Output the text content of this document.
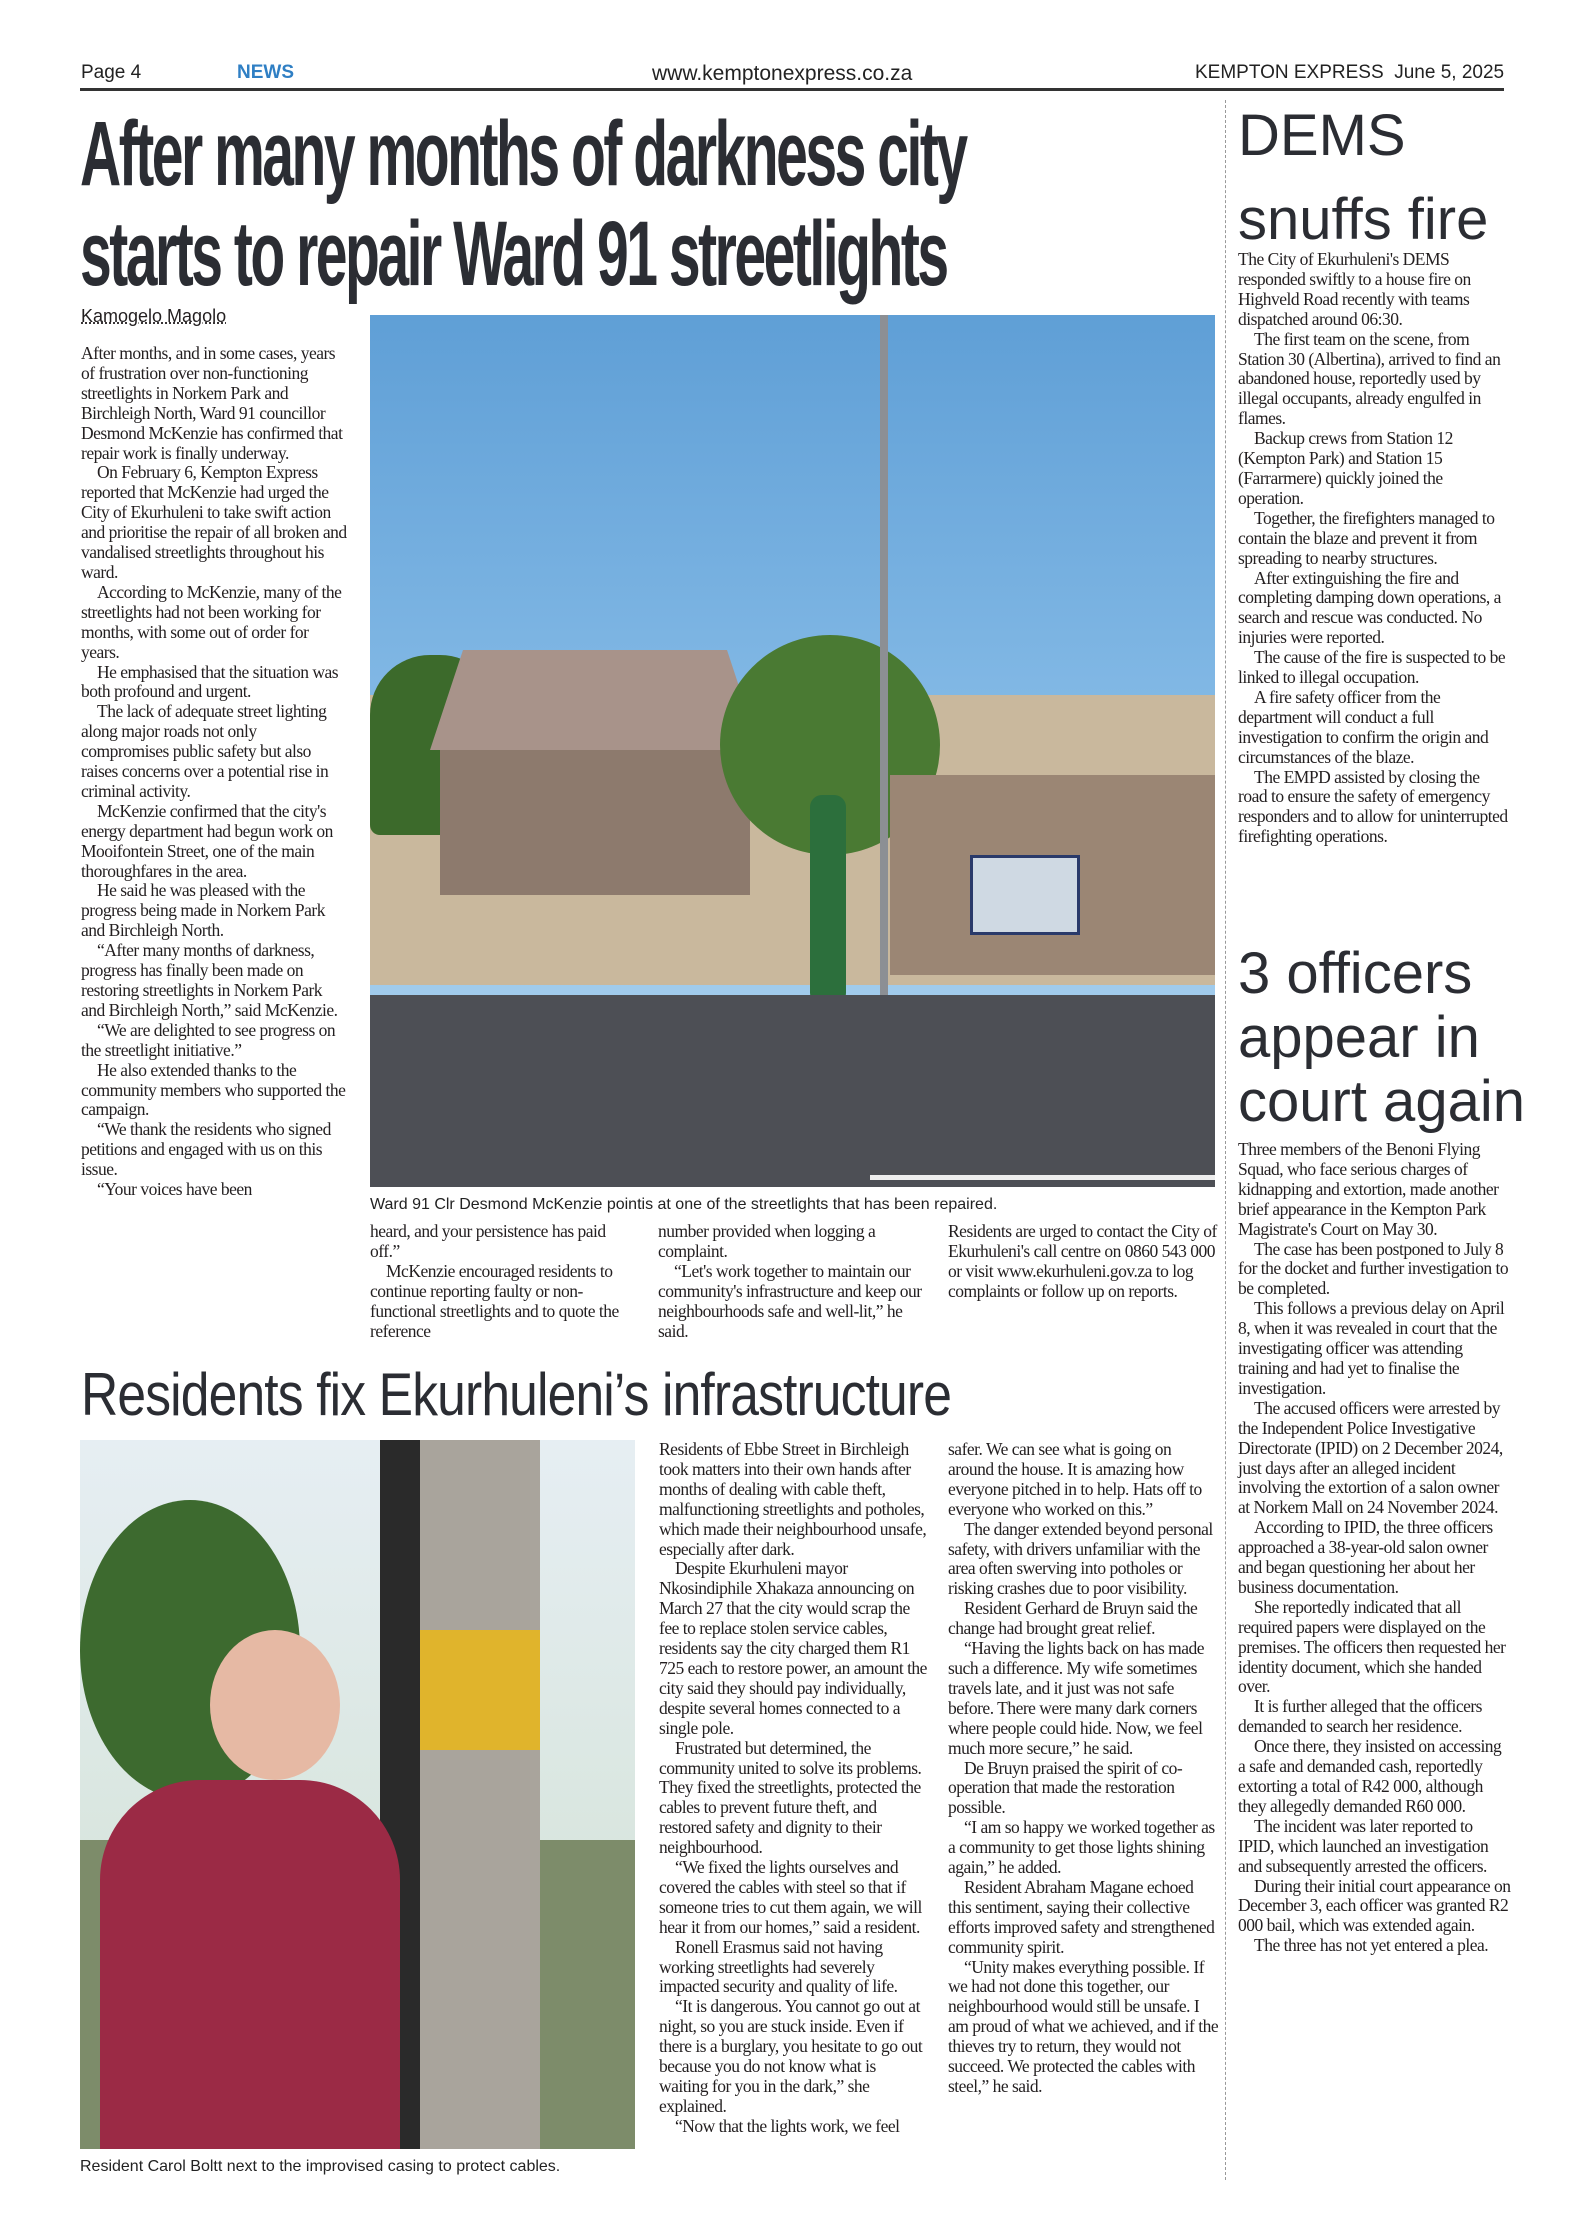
Page 4	NEWS	www.kemptonexpress.co.za	KEMPTON EXPRESS June 5, 2025
After many months of darkness city
starts to repair Ward 91 streetlights
Kamogelo Magolo

After months, and in some cases, years of frustration over non-functioning streetlights in Norkem Park and Birchleigh North, Ward 91 councillor Desmond McKenzie has confirmed that repair work is finally underway.

On February 6, Kempton Express reported that McKenzie had urged the City of Ekurhuleni to take swift action and prioritise the repair of all broken and vandalised streetlights throughout his ward.

According to McKenzie, many of the streetlights had not been working for months, with some out of order for years.

He emphasised that the situation was both profound and urgent.

The lack of adequate street lighting along major roads not only compromises public safety but also raises concerns over a potential rise in criminal activity.

McKenzie confirmed that the city's energy department had begun work on Mooifontein Street, one of the main thoroughfares in the area.

He said he was pleased with the progress being made in Norkem Park and Birchleigh North.

“After many months of darkness, progress has finally been made on restoring streetlights in Norkem Park and Birchleigh North,” said McKenzie.

“We are delighted to see progress on the streetlight initiative.”

He also extended thanks to the community members who supported the campaign.

“We thank the residents who signed petitions and engaged with us on this issue.

“Your voices have been

Ward 91 Clr Desmond McKenzie pointis at one of the streetlights that has been repaired.

heard, and your persistence has paid off.”

McKenzie encouraged residents to continue reporting faulty or non-functional streetlights and to quote the reference

number provided when logging a complaint.

“Let's work together to maintain our community's infrastructure and keep our neighbourhoods safe and well-lit,” he said.

Residents are urged to contact the City of Ekurhuleni's call centre on 0860 543 000 or visit www.ekurhuleni.gov.za to log complaints or follow up on reports.

Residents fix Ekurhuleni’s infrastructure
Resident Carol Boltt next to the improvised casing to protect cables.

Residents of Ebbe Street in Birchleigh took matters into their own hands after months of dealing with cable theft, malfunctioning streetlights and potholes, which made their neighbourhood unsafe, especially after dark.

Despite Ekurhuleni mayor Nkosindiphile Xhakaza announcing on March 27 that the city would scrap the fee to replace stolen service cables, residents say the city charged them R1 725 each to restore power, an amount the city said they should pay individually, despite several homes connected to a single pole.

Frustrated but determined, the community united to solve its problems. They fixed the streetlights, protected the cables to prevent future theft, and restored safety and dignity to their neighbourhood.

“We fixed the lights ourselves and covered the cables with steel so that if someone tries to cut them again, we will hear it from our homes,” said a resident.

Ronell Erasmus said not having working streetlights had severely impacted security and quality of life.

“It is dangerous. You cannot go out at night, so you are stuck inside. Even if there is a burglary, you hesitate to go out because you do not know what is waiting for you in the dark,” she explained.

“Now that the lights work, we feel

safer. We can see what is going on around the house. It is amazing how everyone pitched in to help. Hats off to everyone who worked on this.”

The danger extended beyond personal safety, with drivers unfamiliar with the area often swerving into potholes or risking crashes due to poor visibility.

Resident Gerhard de Bruyn said the change had brought great relief.

“Having the lights back on has made such a difference. My wife sometimes travels late, and it just was not safe before. There were many dark corners where people could hide. Now, we feel much more secure,” he said.

De Bruyn praised the spirit of co-operation that made the restoration possible.

“I am so happy we worked together as a community to get those lights shining again,” he added.

Resident Abraham Magane echoed this sentiment, saying their collective efforts improved safety and strengthened community spirit.

“Unity makes everything possible. If we had not done this together, our neighbourhood would still be unsafe. I am proud of what we achieved, and if the thieves try to return, they would not succeed. We protected the cables with steel,” he said.

DEMS
snuffs fire

The City of Ekurhuleni's DEMS responded swiftly to a house fire on Highveld Road recently with teams dispatched around 06:30.

The first team on the scene, from Station 30 (Albertina), arrived to find an abandoned house, reportedly used by illegal occupants, already engulfed in flames.

Backup crews from Station 12 (Kempton Park) and Station 15 (Farrarmere) quickly joined the operation.

Together, the firefighters managed to contain the blaze and prevent it from spreading to nearby structures.

After extinguishing the fire and completing damping down operations, a search and rescue was conducted. No injuries were reported.

The cause of the fire is suspected to be linked to illegal occupation.

A fire safety officer from the department will conduct a full investigation to confirm the origin and circumstances of the blaze.

The EMPD assisted by closing the road to ensure the safety of emergency responders and to allow for uninterrupted firefighting operations.

3 officers
appear in
court again

Three members of the Benoni Flying Squad, who face serious charges of kidnapping and extortion, made another brief appearance in the Kempton Park Magistrate's Court on May 30.

The case has been postponed to July 8 for the docket and further investigation to be completed.

This follows a previous delay on April 8, when it was revealed in court that the investigating officer was attending training and had yet to finalise the investigation.

The accused officers were arrested by the Independent Police Investigative Directorate (IPID) on 2 December 2024, just days after an alleged incident involving the extortion of a salon owner at Norkem Mall on 24 November 2024.

According to IPID, the three officers approached a 38-year-old salon owner and began questioning her about her business documentation.

She reportedly indicated that all required papers were displayed on the premises. The officers then requested her identity document, which she handed over.

It is further alleged that the officers demanded to search her residence.

Once there, they insisted on accessing a safe and demanded cash, reportedly extorting a total of R42 000, although they allegedly demanded R60 000.

The incident was later reported to IPID, which launched an investigation and subsequently arrested the officers.

During their initial court appearance on December 3, each officer was granted R2 000 bail, which was extended again.

The three has not yet entered a plea.
